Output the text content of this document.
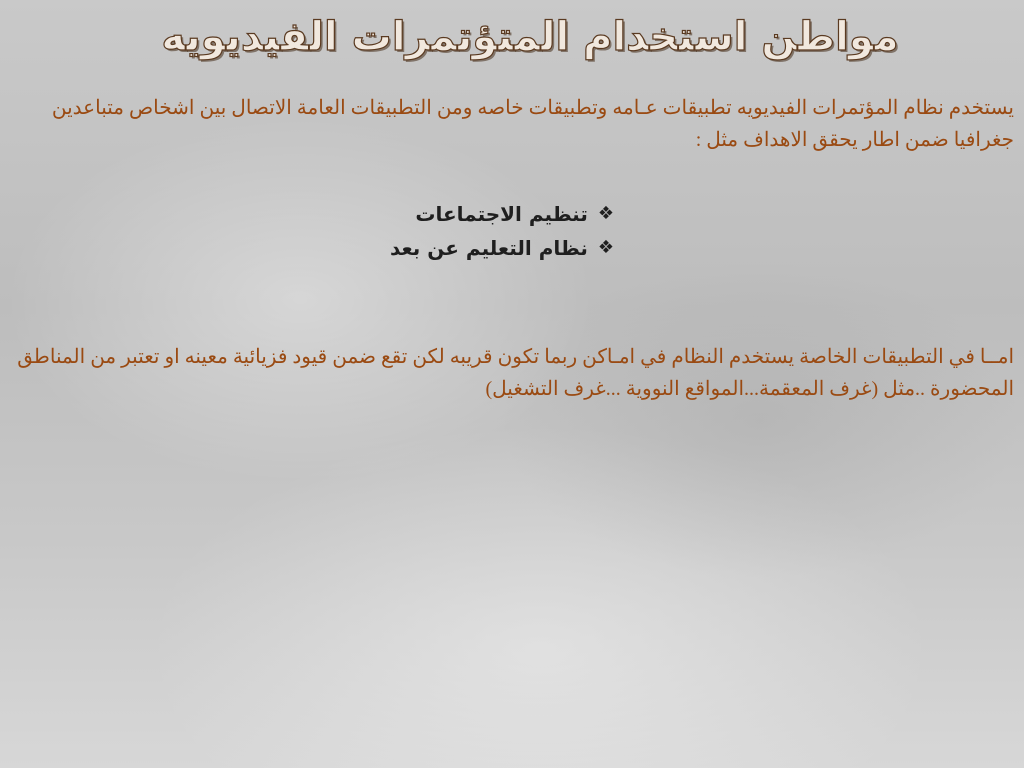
مواطن استخدام المتؤتمرات الفيديويه
يستخدم نظام المؤتمرات الفيديويه تطبيقات عـامه وتطبيقات خاصه ومن التطبيقات العامة الاتصال بين اشخاص متباعدين جغرافيا ضمن اطار يحقق الاهداف مثل :
❖
تنظيم الاجتماعات
❖
نظام التعليم عن بعد
امــا في التطبيقات الخاصة يستخدم النظام في امـاكن ربما تكون قريبه لكن تقع ضمن قيود فزيائية معينه او تعتبر من المناطق المحضورة ..مثل (غرف المعقمة...المواقع النووية ...غرف التشغيل)
